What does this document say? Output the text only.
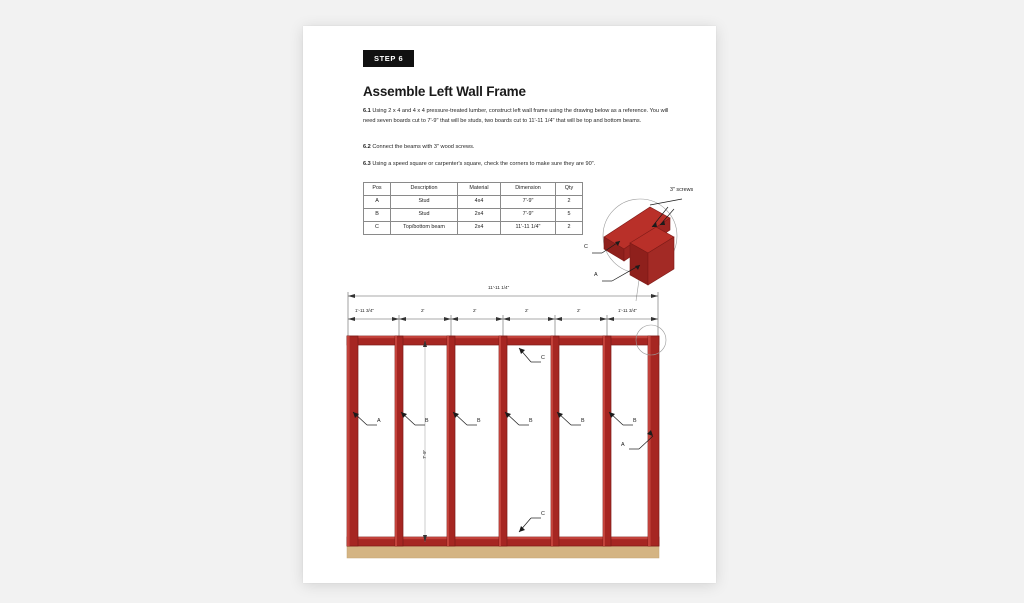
STEP 6
Assemble Left Wall Frame
6.1 Using 2 x 4 and 4 x 4 pressure-treated lumber, construct left wall frame using the drawing below as a reference. You will need seven boards cut to 7'-9" that will be studs, two boards cut to 11'-11 1/4" that will be top and bottom beams.
6.2 Connect the beams with 3" wood screws.
6.3 Using a speed square or carpenter's square, check the corners to make sure they are 90".
Pos	Description	Material	Dimension	Qty
A	Stud	4x4	7'-9"	2
B	Stud	2x4	7'-9"	5
C	Top/bottom beam	2x4	11'-11 1/4"	2
3" screws
C
A
11'-11 1/4"
1'-11 3/4"	2'	2'	2'	2'	1'-11 3/4"
7'-9"
A	B	B	B	B	B
A
C
C
